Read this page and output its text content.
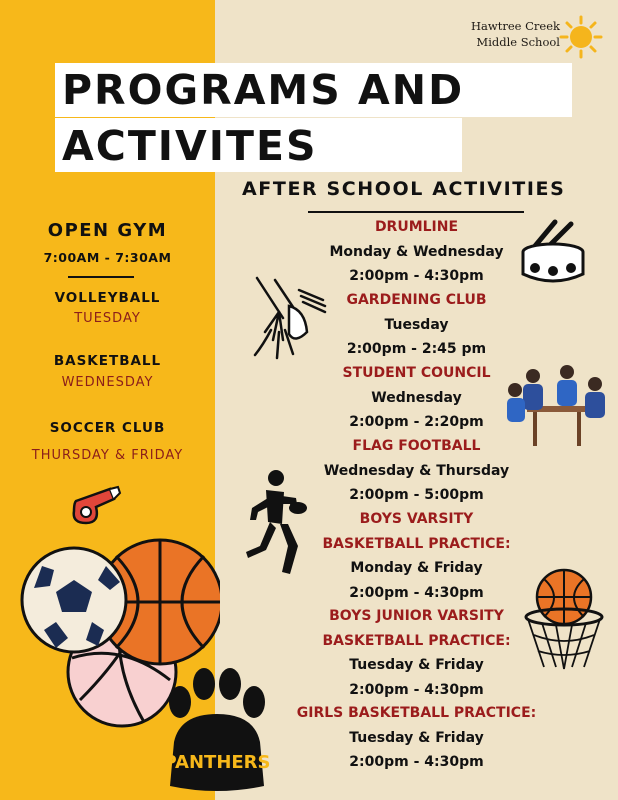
Hawtree Creek
Middle School
PROGRAMS AND
ACTIVITES
AFTER SCHOOL ACTIVITIES
OPEN GYM
7:00AM - 7:30AM
VOLLEYBALL
TUESDAY
BASKETBALL
WEDNESDAY
SOCCER CLUB
THURSDAY & FRIDAY
DRUMLINE
Monday & Wednesday
2:00pm - 4:30pm
GARDENING CLUB
Tuesday
2:00pm - 2:45 pm
STUDENT COUNCIL
Wednesday
2:00pm - 2:20pm
FLAG FOOTBALL
Wednesday & Thursday
2:00pm - 5:00pm
BOYS VARSITY
BASKETBALL PRACTICE:
Monday & Friday
2:00pm - 4:30pm
BOYS JUNIOR VARSITY
BASKETBALL PRACTICE:
Tuesday & Friday
2:00pm - 4:30pm
GIRLS BASKETBALL PRACTICE:
Tuesday & Friday
2:00pm - 4:30pm
PANTHERS
